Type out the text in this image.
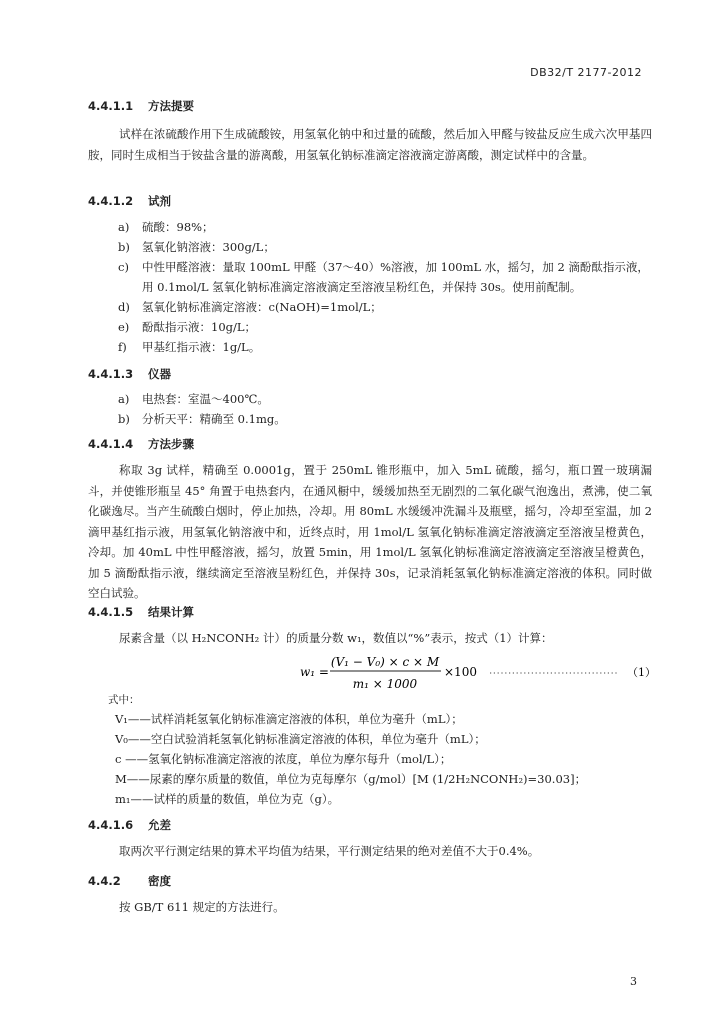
DB32/T 2177-2012
4.4.1.1 方法提要
试样在浓硫酸作用下生成硫酸铵，用氢氧化钠中和过量的硫酸，然后加入甲醛与铵盐反应生成六次甲基四胺，同时生成相当于铵盐含量的游离酸，用氢氧化钠标准滴定溶液滴定游离酸，测定试样中的含量。
4.4.1.2 试剂
a) 硫酸：98%；
b) 氢氧化钠溶液：300g/L；
c) 中性甲醛溶液：量取 100mL 甲醛（37～40）%溶液，加 100mL 水，摇匀，加 2 滴酚酞指示液，
用 0.1mol/L 氢氧化钠标准滴定溶液滴定至溶液呈粉红色，并保持 30s。使用前配制。
d) 氢氧化钠标准滴定溶液：c(NaOH)=1mol/L；
e) 酚酞指示液：10g/L；
f) 甲基红指示液：1g/L。
4.4.1.3 仪器
a) 电热套：室温～400℃。
b) 分析天平：精确至 0.1mg。
4.4.1.4 方法步骤
称取 3g 试样，精确至 0.0001g，置于 250mL 锥形瓶中，加入 5mL 硫酸，摇匀，瓶口置一玻璃漏斗，并使锥形瓶呈 45° 角置于电热套内，在通风橱中，缓缓加热至无剧烈的二氧化碳气泡逸出，煮沸，使二氧化碳逸尽。当产生硫酸白烟时，停止加热，冷却。用 80mL 水缓缓冲洗漏斗及瓶壁，摇匀，冷却至室温，加 2 滴甲基红指示液，用氢氧化钠溶液中和，近终点时，用 1mol/L 氢氧化钠标准滴定溶液滴定至溶液呈橙黄色，冷却。加 40mL 中性甲醛溶液，摇匀，放置 5min，用 1mol/L 氢氧化钠标准滴定溶液滴定至溶液呈橙黄色，加 5 滴酚酞指示液，继续滴定至溶液呈粉红色，并保持 30s，记录消耗氢氧化钠标准滴定溶液的体积。同时做空白试验。
4.4.1.5 结果计算
尿素含量（以 H₂NCONH₂ 计）的质量分数 w₁，数值以“%”表示，按式（1）计算：
w₁ =
(V₁ − V₀) × c × M
m₁ × 1000
×100	（1）
式中：
V₁——试样消耗氢氧化钠标准滴定溶液的体积，单位为毫升（mL）；
V₀——空白试验消耗氢氧化钠标准滴定溶液的体积，单位为毫升（mL）；
c ——氢氧化钠标准滴定溶液的浓度，单位为摩尔每升（mol/L）；
M——尿素的摩尔质量的数值，单位为克每摩尔（g/mol）[M (1/2H₂NCONH₂)=30.03]；
m₁——试样的质量的数值，单位为克（g）。
4.4.1.6 允差
取两次平行测定结果的算术平均值为结果，平行测定结果的绝对差值不大于0.4%。
4.4.2 密度
按 GB/T 611 规定的方法进行。
3
